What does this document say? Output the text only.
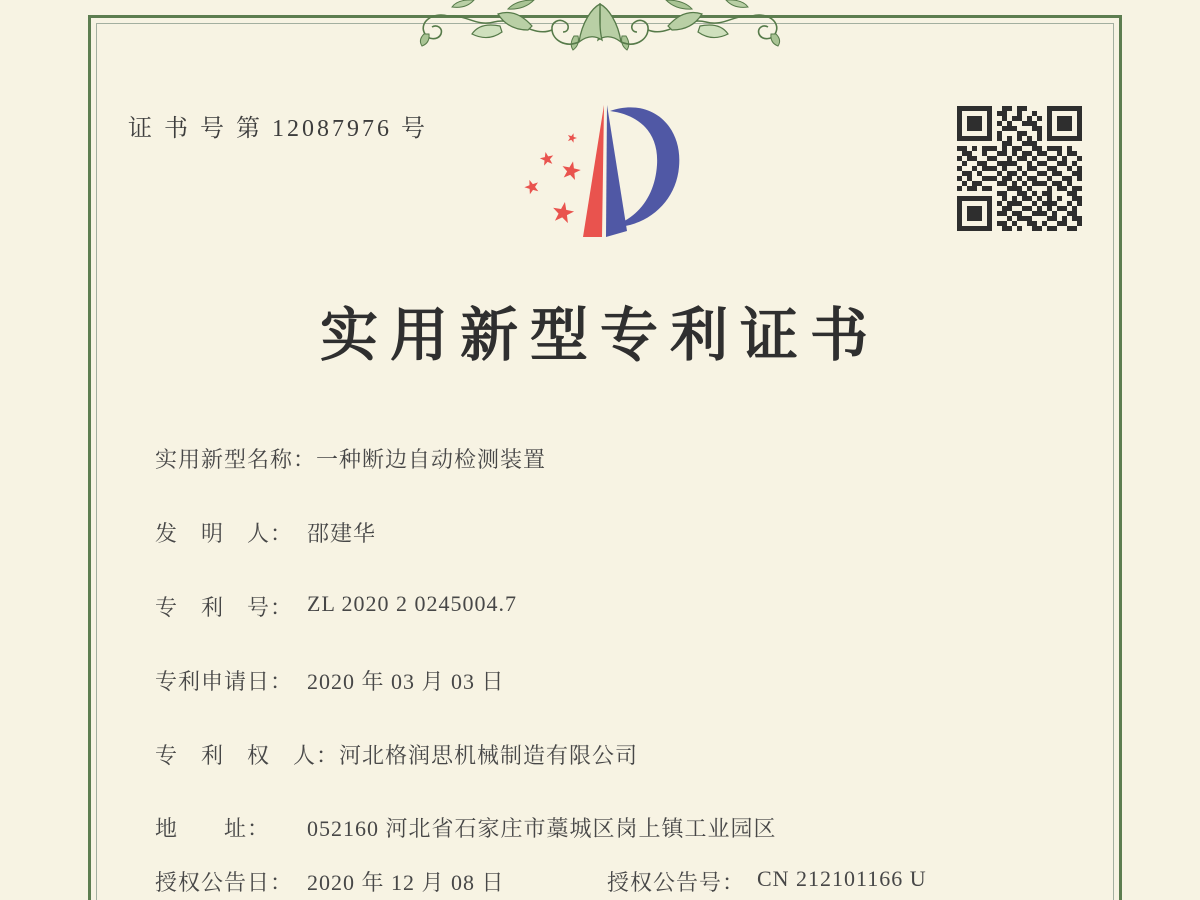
证 书 号 第 12087976 号
实用新型专利证书
实用新型名称： 一种断边自动检测装置
发　明　人： 邵建华
专　利　号： ZL 2020 2 0245004.7
专利申请日： 2020 年 03 月 03 日
专　利　权　人： 河北格润思机械制造有限公司
地　　址：	052160 河北省石家庄市藁城区岗上镇工业园区
授权公告日： 2020 年 12 月 08 日	授权公告号： CN 212101166 U
